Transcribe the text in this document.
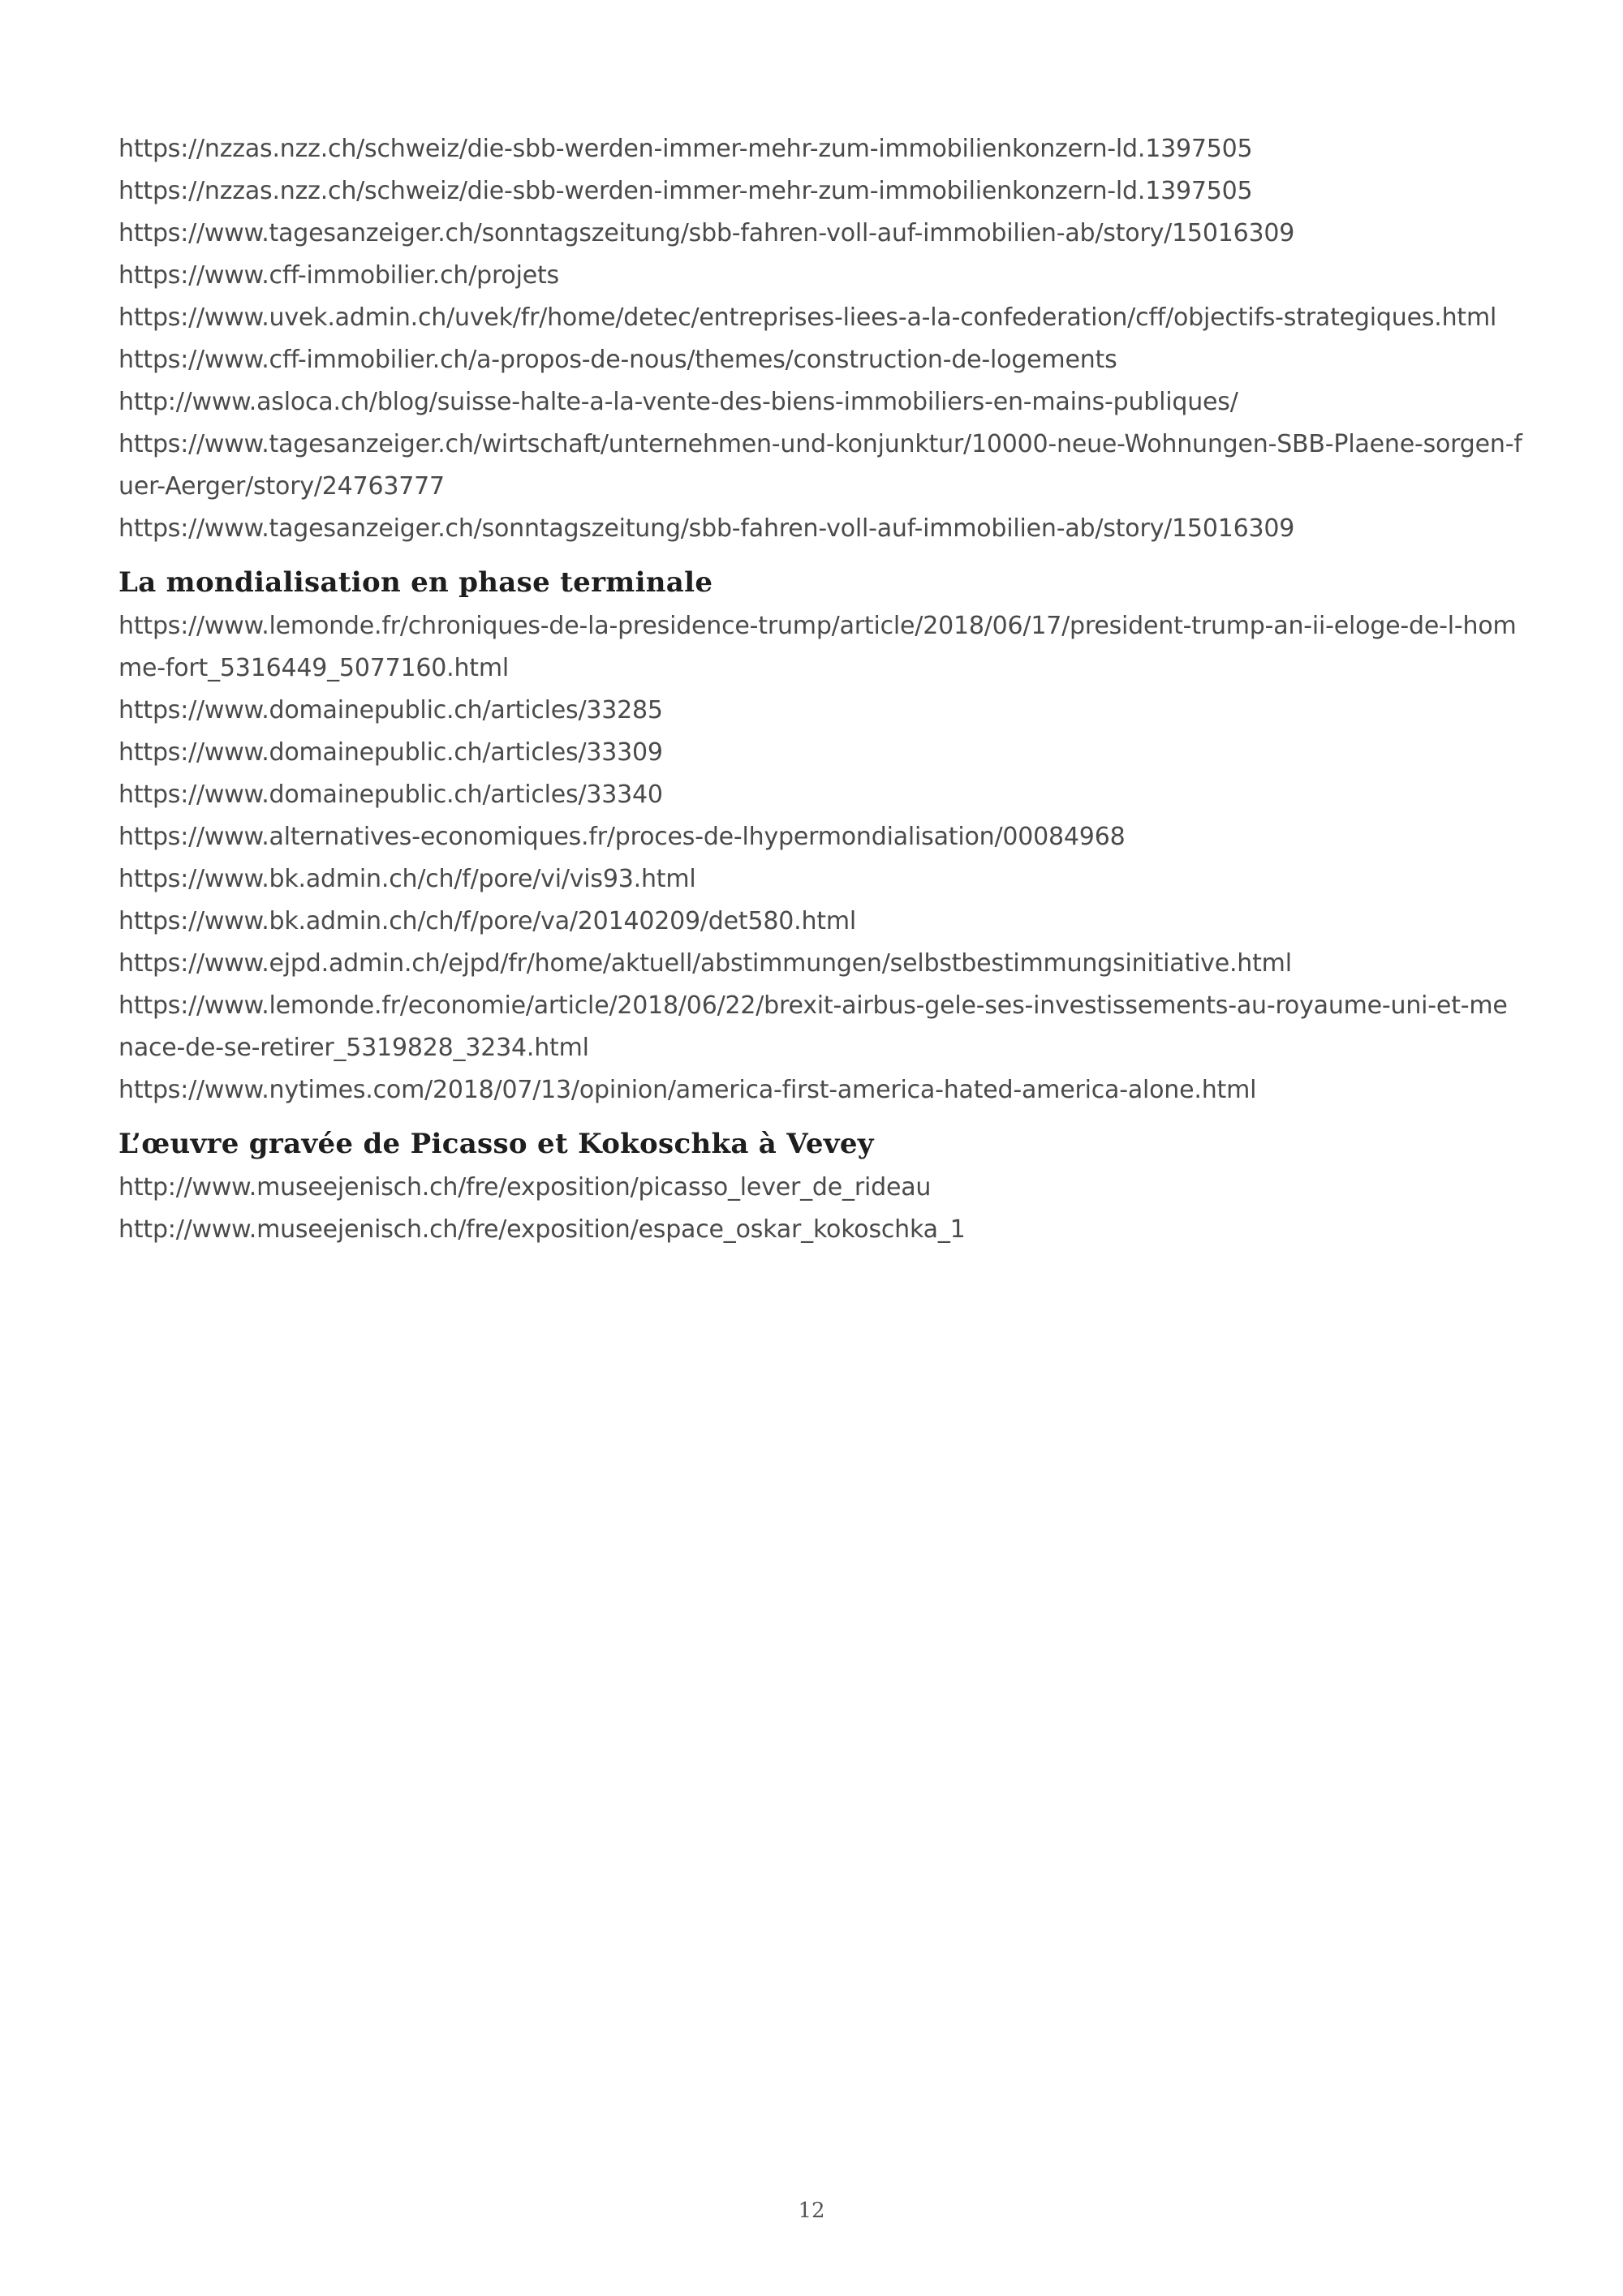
https://nzzas.nzz.ch/schweiz/die-sbb-werden-immer-mehr-zum-immobilienkonzern-ld.1397505
https://nzzas.nzz.ch/schweiz/die-sbb-werden-immer-mehr-zum-immobilienkonzern-ld.1397505
https://www.tagesanzeiger.ch/sonntagszeitung/sbb-fahren-voll-auf-immobilien-ab/story/15016309
https://www.cff-immobilier.ch/projets
https://www.uvek.admin.ch/uvek/fr/home/detec/entreprises-liees-a-la-confederation/cff/objectifs-strategiques.html
https://www.cff-immobilier.ch/a-propos-de-nous/themes/construction-de-logements
http://www.asloca.ch/blog/suisse-halte-a-la-vente-des-biens-immobiliers-en-mains-publiques/
https://www.tagesanzeiger.ch/wirtschaft/unternehmen-und-konjunktur/10000-neue-Wohnungen-SBB-Plaene-sorgen-fuer-Aerger/story/24763777
https://www.tagesanzeiger.ch/sonntagszeitung/sbb-fahren-voll-auf-immobilien-ab/story/15016309
La mondialisation en phase terminale
https://www.lemonde.fr/chroniques-de-la-presidence-trump/article/2018/06/17/president-trump-an-ii-eloge-de-l-homme-fort_5316449_5077160.html
https://www.domainepublic.ch/articles/33285
https://www.domainepublic.ch/articles/33309
https://www.domainepublic.ch/articles/33340
https://www.alternatives-economiques.fr/proces-de-lhypermondialisation/00084968
https://www.bk.admin.ch/ch/f/pore/vi/vis93.html
https://www.bk.admin.ch/ch/f/pore/va/20140209/det580.html
https://www.ejpd.admin.ch/ejpd/fr/home/aktuell/abstimmungen/selbstbestimmungsinitiative.html
https://www.lemonde.fr/economie/article/2018/06/22/brexit-airbus-gele-ses-investissements-au-royaume-uni-et-menace-de-se-retirer_5319828_3234.html
https://www.nytimes.com/2018/07/13/opinion/america-first-america-hated-america-alone.html
L’œuvre gravée de Picasso et Kokoschka à Vevey
http://www.museejenisch.ch/fre/exposition/picasso_lever_de_rideau
http://www.museejenisch.ch/fre/exposition/espace_oskar_kokoschka_1
12
